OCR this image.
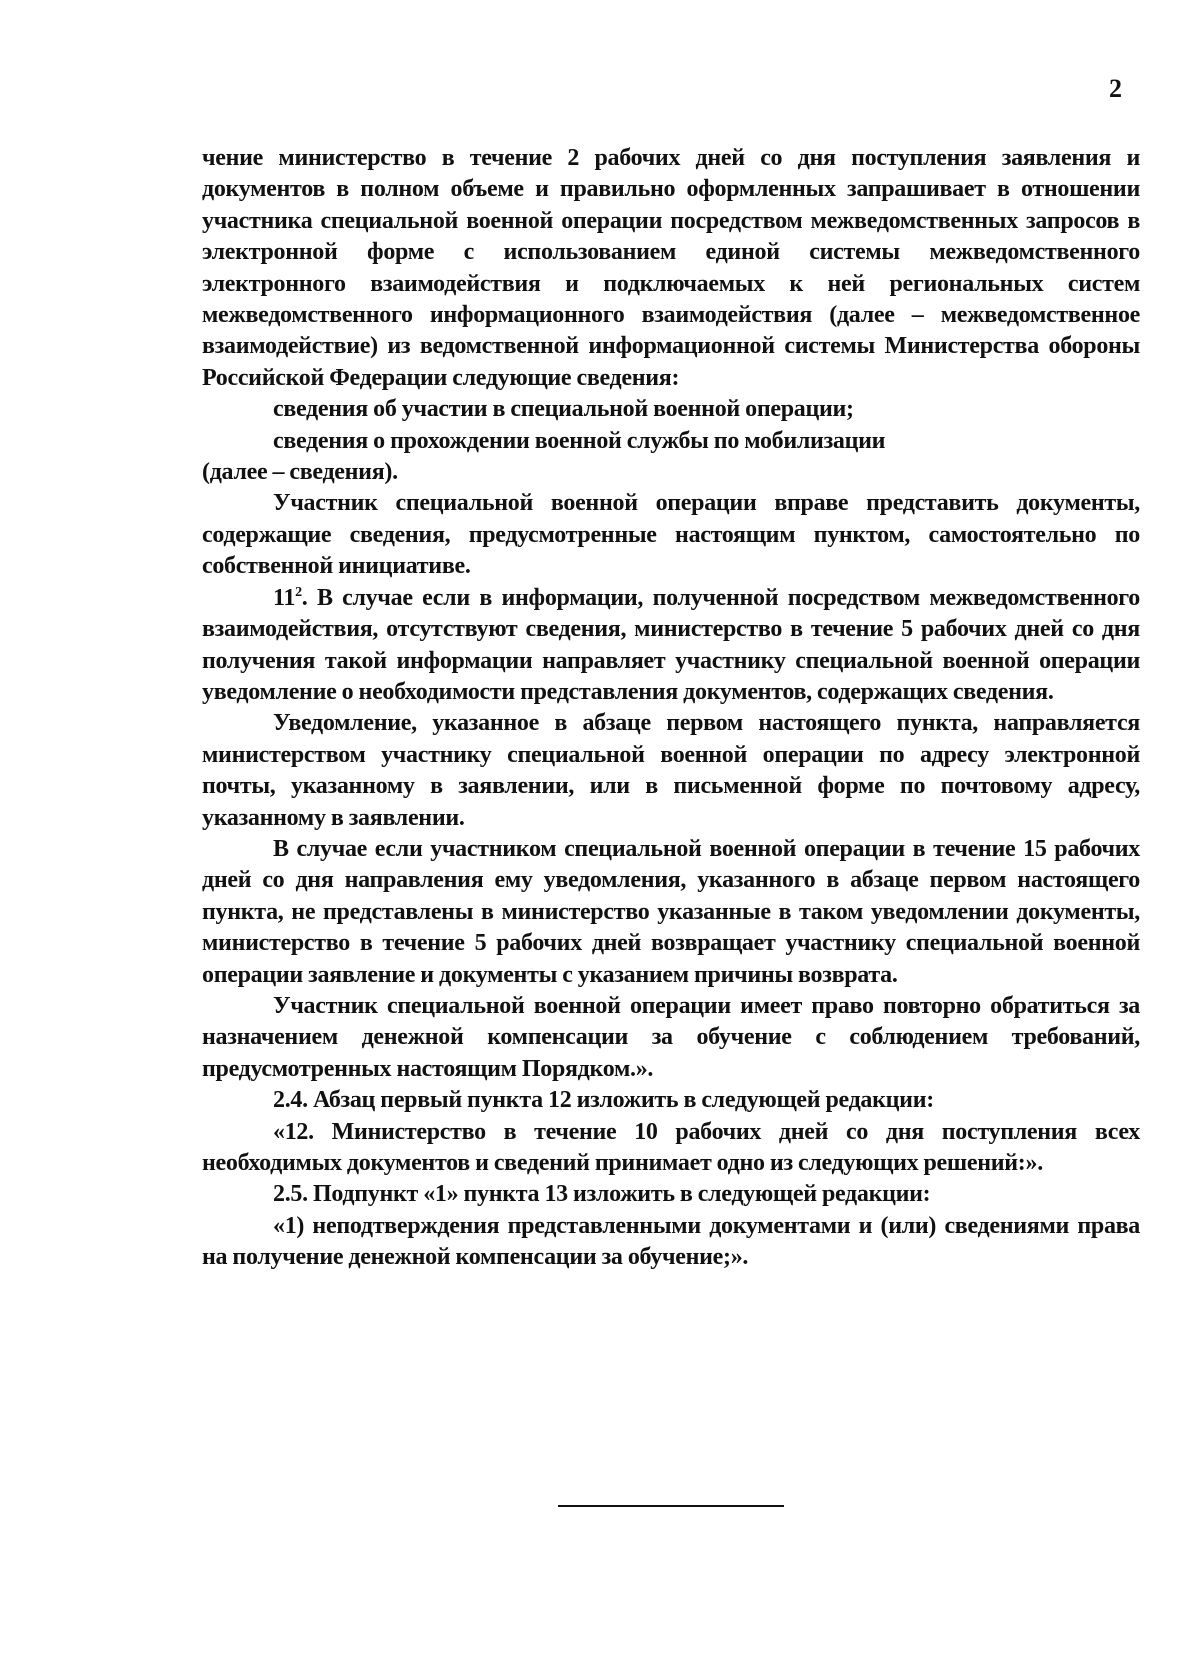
2

чение министерство в течение 2 рабочих дней со дня поступления заявления и документов в полном объеме и правильно оформленных запрашивает в отношении участника специальной военной операции посредством межведомственных запросов в электронной форме с использованием единой системы межведомственного электронного взаимодействия и подключаемых к ней региональных систем межведомственного информационного взаимодействия (далее – межведомственное взаимодействие) из ведомственной информационной системы Министерства обороны Российской Федерации следующие сведения:

сведения об участии в специальной военной операции;

сведения о прохождении военной службы по мобилизации

(далее – сведения).

Участник специальной военной операции вправе представить документы, содержащие сведения, предусмотренные настоящим пунктом, самостоятельно по собственной инициативе.

$11^2$. В случае если в информации, полученной посредством межведомственного взаимодействия, отсутствуют сведения, министерство в течение 5 рабочих дней со дня получения такой информации направляет участнику специальной военной операции уведомление о необходимости представления документов, содержащих сведения.

Уведомление, указанное в абзаце первом настоящего пункта, направляется министерством участнику специальной военной операции по адресу электронной почты, указанному в заявлении, или в письменной форме по почтовому адресу, указанному в заявлении.

В случае если участником специальной военной операции в течение 15 рабочих дней со дня направления ему уведомления, указанного в абзаце первом настоящего пункта, не представлены в министерство указанные в таком уведомлении документы, министерство в течение 5 рабочих дней возвращает участнику специальной военной операции заявление и документы с указанием причины возврата.

Участник специальной военной операции имеет право повторно обратиться за назначением денежной компенсации за обучение с соблюдением требований, предусмотренных настоящим Порядком.».

2.4. Абзац первый пункта 12 изложить в следующей редакции:

«12. Министерство в течение 10 рабочих дней со дня поступления всех необходимых документов и сведений принимает одно из следующих решений:».

2.5. Подпункт «1» пункта 13 изложить в следующей редакции:

«1) неподтверждения представленными документами и (или) сведениями права на получение денежной компенсации за обучение;».
